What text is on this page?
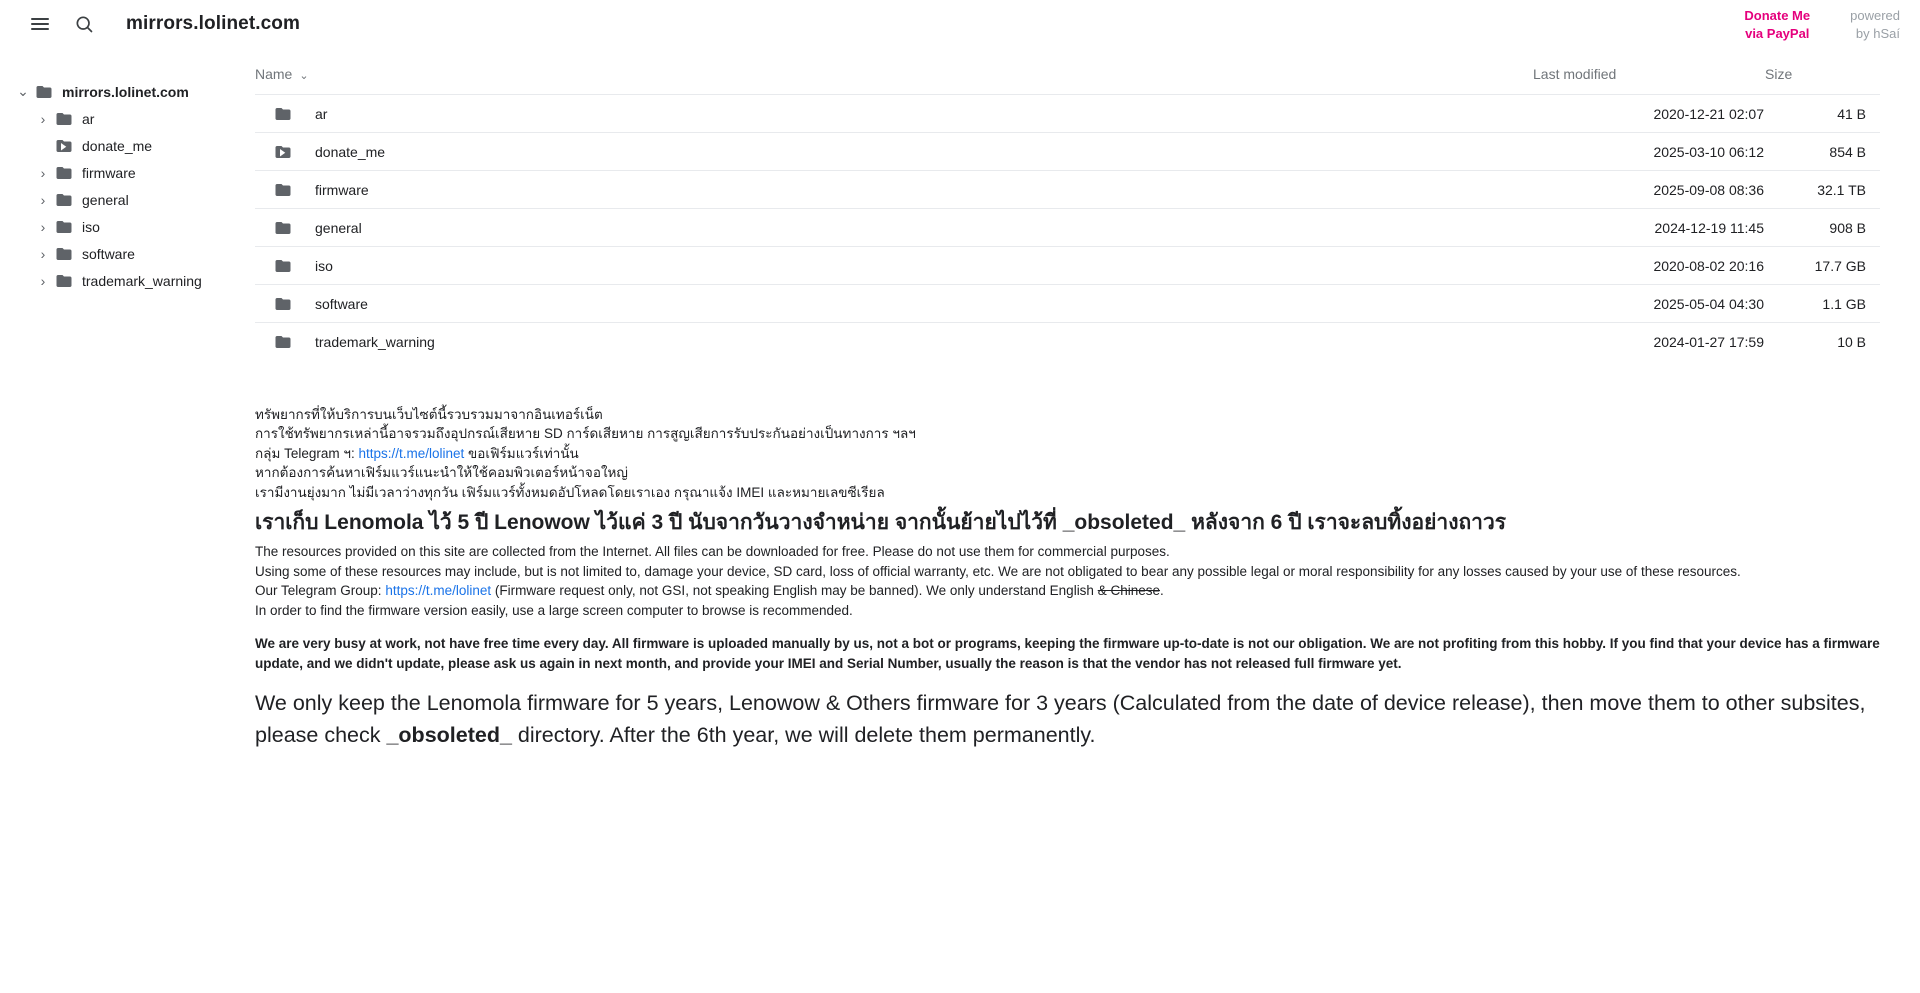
mirrors.lolinet.com	Donate Me
via PayPal
powered
by hSaí
⌄ mirrors.lolinet.com
›	ar
donate_me
›	firmware
›	general
›	iso
›	software
›	trademark_warning
Name ⌄	Last modified	Size

ar	2020-12-21 02:07	41 B

donate_me	2025-03-10 06:12	854 B

firmware	2025-09-08 08:36	32.1 TB

general	2024-12-19 11:45	908 B

iso	2020-08-02 20:16	17.7 GB

software	2025-05-04 04:30	1.1 GB

trademark_warning	2024-01-27 17:59	10 B
ทรัพยากรที่ให้บริการบนเว็บไซต์นี้รวบรวมมาจากอินเทอร์เน็ต
การใช้ทรัพยากรเหล่านี้อาจรวมถึงอุปกรณ์เสียหาย SD การ์ดเสียหาย การสูญเสียการรับประกันอย่างเป็นทางการ ฯลฯ
กลุ่ม Telegram ฯ: https://t.me/lolinet ขอเฟิร์มแวร์เท่านั้น
หากต้องการค้นหาเฟิร์มแวร์แนะนำให้ใช้คอมพิวเตอร์หน้าจอใหญ่
เรามีงานยุ่งมาก ไม่มีเวลาว่างทุกวัน เฟิร์มแวร์ทั้งหมดอัปโหลดโดยเราเอง กรุณาแจ้ง IMEI และหมายเลขซีเรียล
เราเก็บ Lenomola ไว้ 5 ปี Lenowow ไว้แค่ 3 ปี นับจากวันวางจำหน่าย จากนั้นย้ายไปไว้ที่ _obsoleted_ หลังจาก 6 ปี เราจะลบทิ้งอย่างถาวร
The resources provided on this site are collected from the Internet. All files can be downloaded for free. Please do not use them for commercial purposes.
Using some of these resources may include, but is not limited to, damage your device, SD card, loss of official warranty, etc. We are not obligated to bear any possible legal or moral responsibility for any losses caused by your use of these resources.
Our Telegram Group: https://t.me/lolinet (Firmware request only, not GSI, not speaking English may be banned). We only understand English & Chinese.
In order to find the firmware version easily, use a large screen computer to browse is recommended.
We are very busy at work, not have free time every day. All firmware is uploaded manually by us, not a bot or programs, keeping the firmware up-to-date is not our obligation. We are not profiting from this hobby. If you find that your device has a firmware update, and we didn't update, please ask us again in next month, and provide your IMEI and Serial Number, usually the reason is that the vendor has not released full firmware yet.
We only keep the Lenomola firmware for 5 years, Lenowow & Others firmware for 3 years (Calculated from the date of device release), then move them to other subsites, please check _obsoleted_ directory. After the 6th year, we will delete them permanently.
